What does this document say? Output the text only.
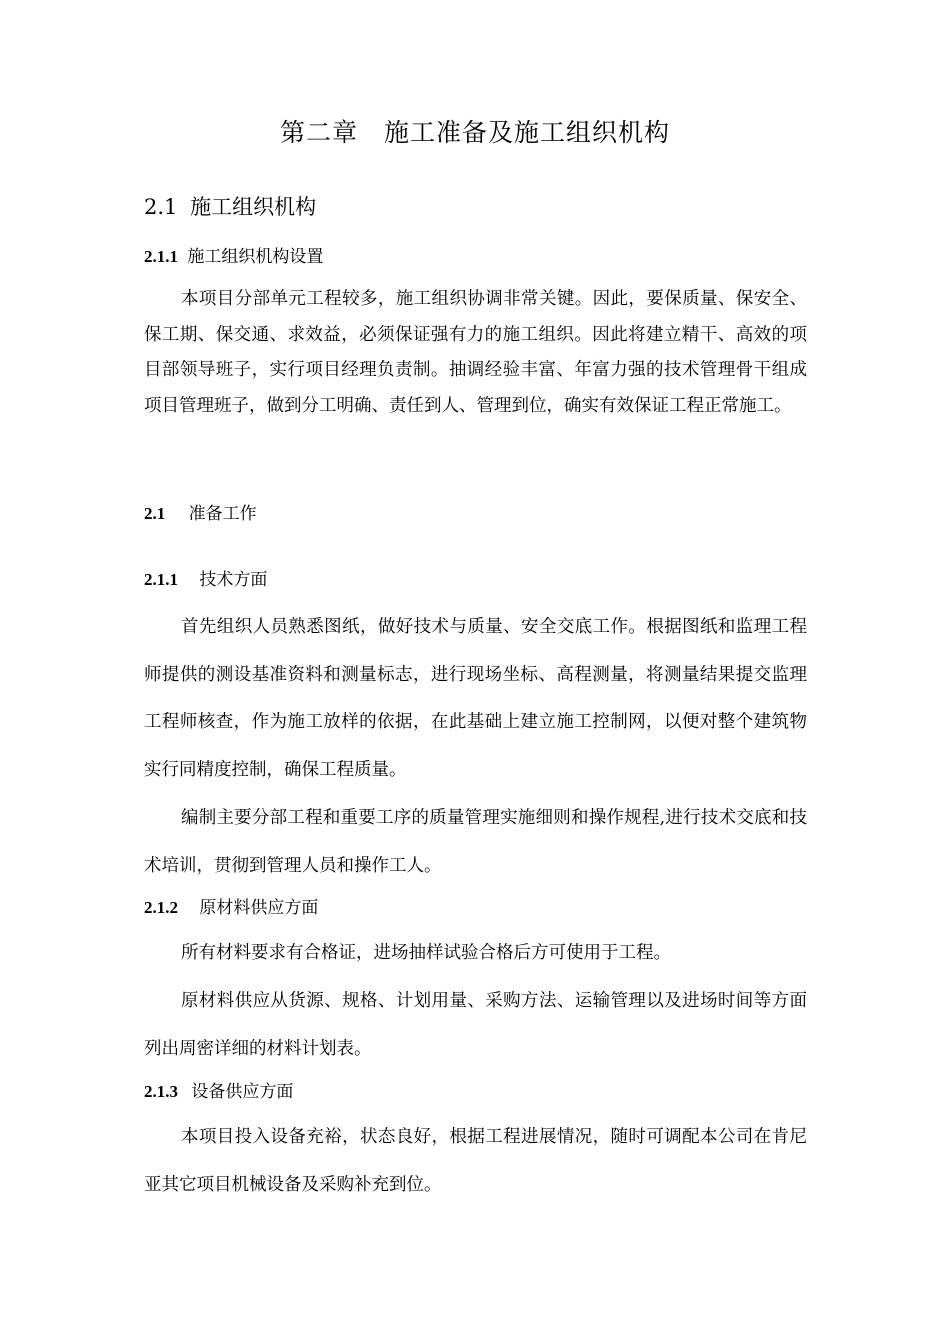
第二章　施工准备及施工组织机构
2.1 施工组织机构
2.1.1 施工组织机构设置

本项目分部单元工程较多，施工组织协调非常关键。因此，要保质量、保安全、保工期、保交通、求效益，必须保证强有力的施工组织。因此将建立精干、高效的项目部领导班子，实行项目经理负责制。抽调经验丰富、年富力强的技术管理骨干组成项目管理班子，做到分工明确、责任到人、管理到位，确实有效保证工程正常施工。

2.1 准备工作
2.1.1 技术方面

首先组织人员熟悉图纸，做好技术与质量、安全交底工作。根据图纸和监理工程师提供的测设基准资料和测量标志，进行现场坐标、高程测量，将测量结果提交监理工程师核查，作为施工放样的依据，在此基础上建立施工控制网，以便对整个建筑物实行同精度控制，确保工程质量。

编制主要分部工程和重要工序的质量管理实施细则和操作规程,进行技术交底和技术培训，贯彻到管理人员和操作工人。

2.1.2 原材料供应方面

所有材料要求有合格证，进场抽样试验合格后方可使用于工程。

原材料供应从货源、规格、计划用量、采购方法、运输管理以及进场时间等方面列出周密详细的材料计划表。

2.1.3 设备供应方面

本项目投入设备充裕，状态良好，根据工程进展情况，随时可调配本公司在肯尼亚其它项目机械设备及采购补充到位。
